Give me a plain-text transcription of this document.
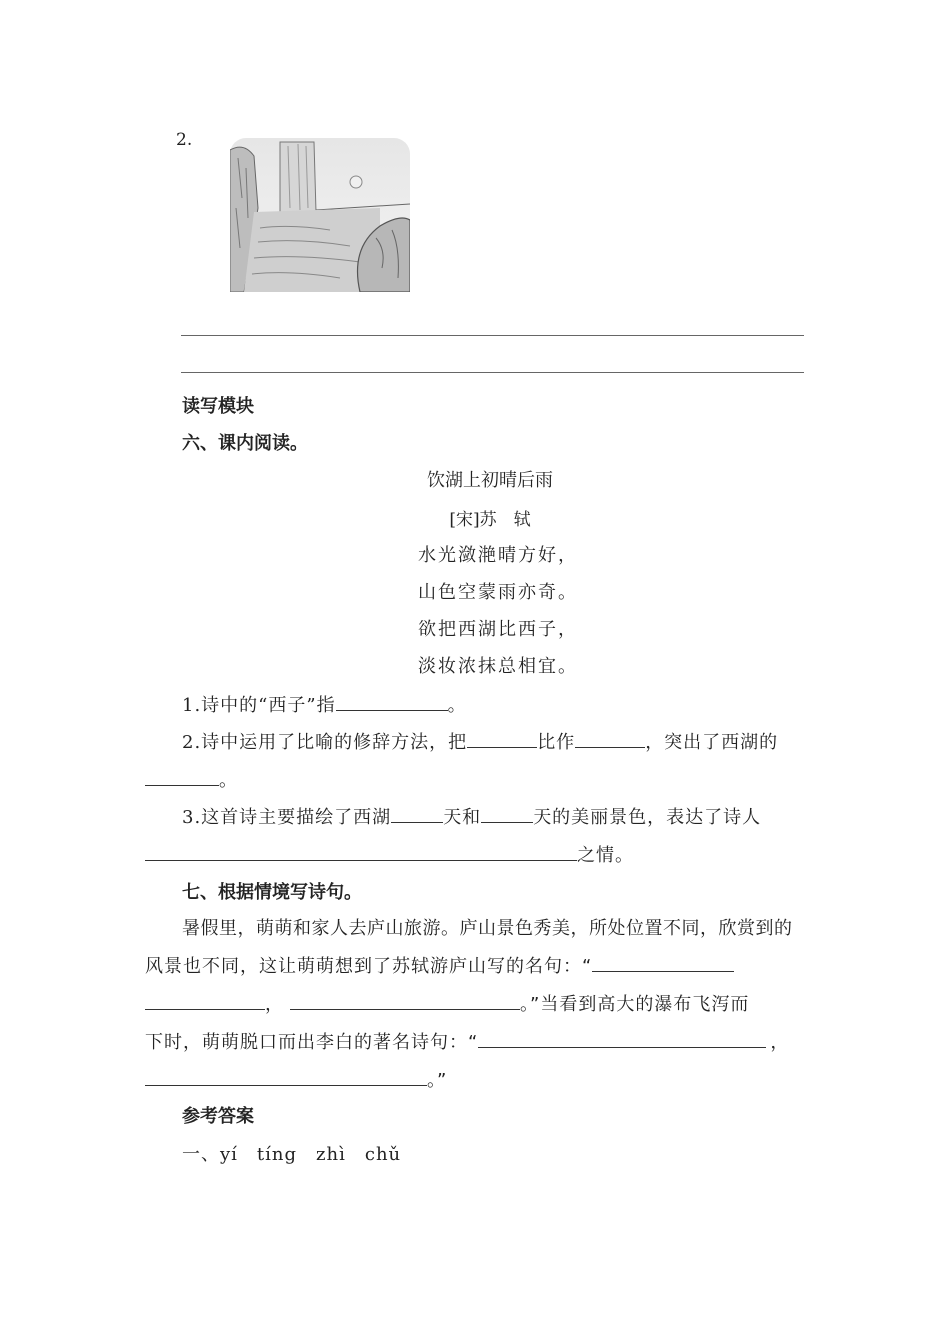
2.
读写模块
六、课内阅读。
饮湖上初晴后雨
[宋]苏　轼
水光潋滟晴方好，
山色空蒙雨亦奇。
欲把西湖比西子，
淡妆浓抹总相宜。
1.诗中的“西子”指	。
2.诗中运用了比喻的修辞方法，把	比作	，突出了西湖的
。
3.这首诗主要描绘了西湖	天和	天的美丽景色，表达了诗人
之情。
七、根据情境写诗句。
暑假里，萌萌和家人去庐山旅游。庐山景色秀美，所处位置不同，欣赏到的
风景也不同，这让萌萌想到了苏轼游庐山写的名句：“
，	。”当看到高大的瀑布飞泻而
下时，萌萌脱口而出李白的著名诗句：“	，
。”
参考答案
一、yí　tíng　zhì　chǔ
